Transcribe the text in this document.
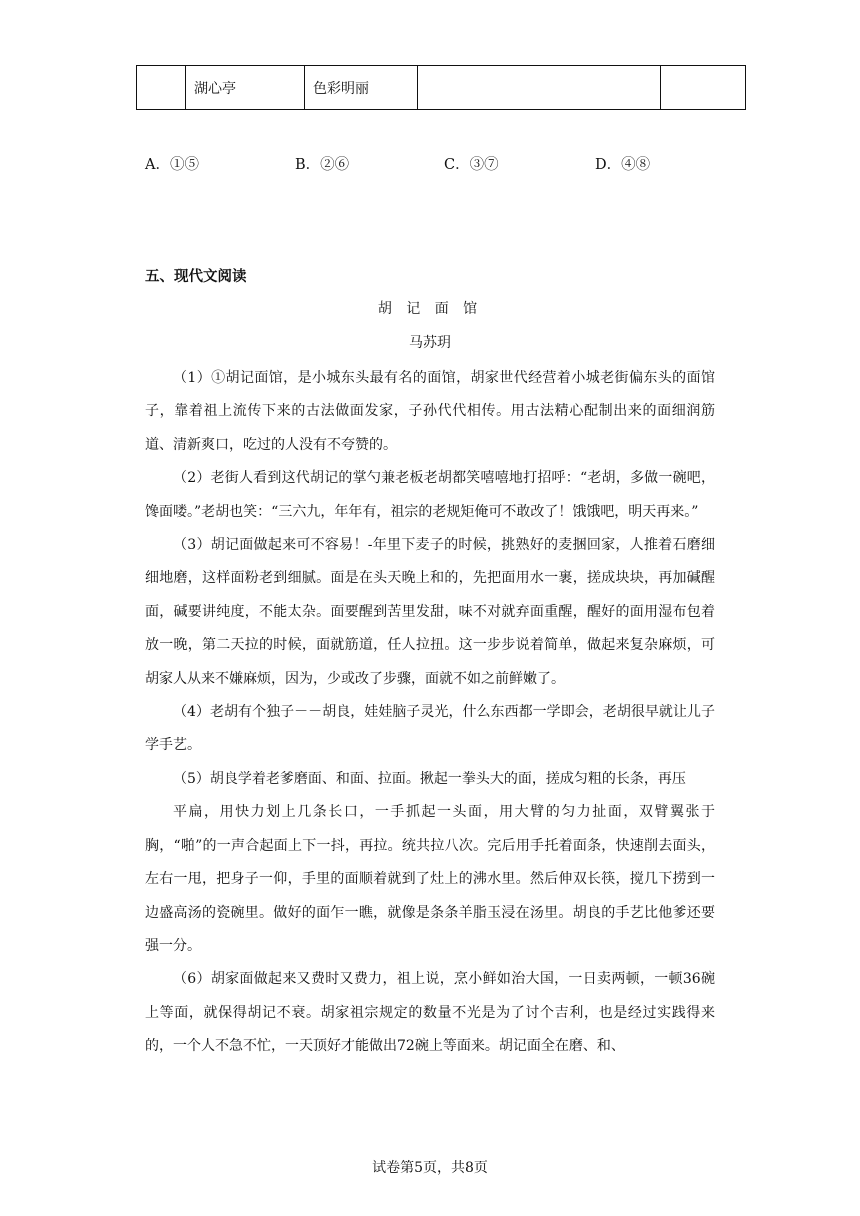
	湖心亭	色彩明丽		
A．①⑤	B．②⑥	C．③⑦	D．④⑧
五、现代文阅读
胡 记 面 馆
马苏玥

（1）①胡记面馆，是小城东头最有名的面馆，胡家世代经营着小城老街偏东头的面馆子，靠着祖上流传下来的古法做面发家，子孙代代相传。用古法精心配制出来的面细润筋道、清新爽口，吃过的人没有不夸赞的。

（2）老街人看到这代胡记的掌勺兼老板老胡都笑嘻嘻地打招呼：“老胡，多做一碗吧，馋面喽。”老胡也笑：“三六九，年年有，祖宗的老规矩俺可不敢改了！饿饿吧，明天再来。”

（3）胡记面做起来可不容易！-年里下麦子的时候，挑熟好的麦捆回家，人推着石磨细细地磨，这样面粉老到细腻。面是在头天晚上和的，先把面用水一裹，搓成块块，再加碱醒面，碱要讲纯度，不能太杂。面要醒到苦里发甜，味不对就弃面重醒，醒好的面用湿布包着放一晚，第二天拉的时候，面就筋道，任人拉扭。这一步步说着简单，做起来复杂麻烦，可胡家人从来不嫌麻烦，因为，少或改了步骤，面就不如之前鲜嫩了。

（4）老胡有个独子－－胡良，娃娃脑子灵光，什么东西都一学即会，老胡很早就让儿子学手艺。

（5）胡良学着老爹磨面、和面、拉面。揪起一拳头大的面，搓成匀粗的长条，再压

平扁，用快力划上几条长口，一手抓起一头面，用大臂的匀力扯面，双臂翼张于胸，“啪”的一声合起面上下一抖，再拉。统共拉八次。完后用手托着面条，快速削去面头，左右一甩，把身子一仰，手里的面顺着就到了灶上的沸水里。然后伸双长筷，搅几下捞到一边盛高汤的瓷碗里。做好的面乍一瞧，就像是条条羊脂玉浸在汤里。胡良的手艺比他爹还要强一分。

（6）胡家面做起来又费时又费力，祖上说，烹小鲜如治大国，一日卖两顿，一顿36碗上等面，就保得胡记不衰。胡家祖宗规定的数量不光是为了讨个吉利，也是经过实践得来的，一个人不急不忙，一天顶好才能做出72碗上等面来。胡记面全在磨、和、

试卷第5页，共8页
